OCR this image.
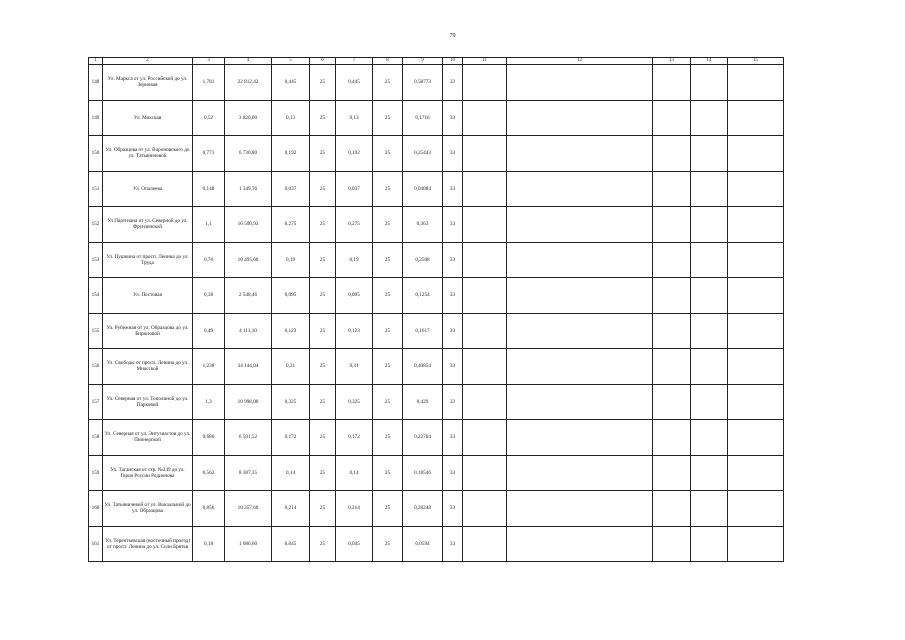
79
1	2	3	4	5	6	7	8	9	10	11	12	13	14	15
148	Ул. Маркса от ул. Российской до ул. Зерновая	1,781	22 812,42	0,445	25	0,445	25	0,58773	33					
149	Ул. Мокская	0,52	3 820,00	0,13	25	0,13	25	0,1716	33					
150	Ул. Образцова от ул. Вороновского до ул. Татьяничевой	0,771	6 730,80	0,192	25	0,192	25	0,25443	33					
151	Ул. Опалеева	0,148	1 349,76	0,037	25	0,037	25	0,04884	33					
152	Ул Партизана от ул. Северной до ул. Фрунзенской	1,1	16 500,93	0,275	25	0,275	25	0,363	33					
153	Ул. Пушкина от просп. Ленина до ул. Труда	0,76	10 495,60	0,19	25	0,19	25	0,2508	33					
154	Ул. Постовая	0,38	2 548,46	0,095	25	0,095	25	0,1254	33					
155	Ул. Рубежная от ул. Образцова до ул. Бирюзовой	0,49	4 111,10	0,123	25	0,123	25	0,1617	33					
156	Ул. Свободы от просп. Ленина до ул. Миасской	1,238	34 144,04	0,31	25	0,31	25	0,40854	33					
157	Ул. Северная от ул. Тополиной до ул. Парковой	1,3	10 998,00	0,325	25	0,325	25	0,429	33					
158	Ул. Северная от ул. Энтузиастов до ул. Пионерской	0,686	6 591,52	0,172	25	0,172	25	0,22704	33					
159	Ул. Таганская от стр. №249 до ул. Героя России Родионова	0,562	8 387,35	0,14	25	0,14	25	0,18546	33					
160	Ул. Татьяничевой от ул. Вокзальной до ул. Образцова	0,856	10 357,60	0,214	25	0,214	25	0,28248	33					
161	Ул. Терентьевская (восточный проезд) от просп. Ленина до ул. Солн Брятья	0,18	1 686,60	0,045	25	0,045	25	0,0594	33					
